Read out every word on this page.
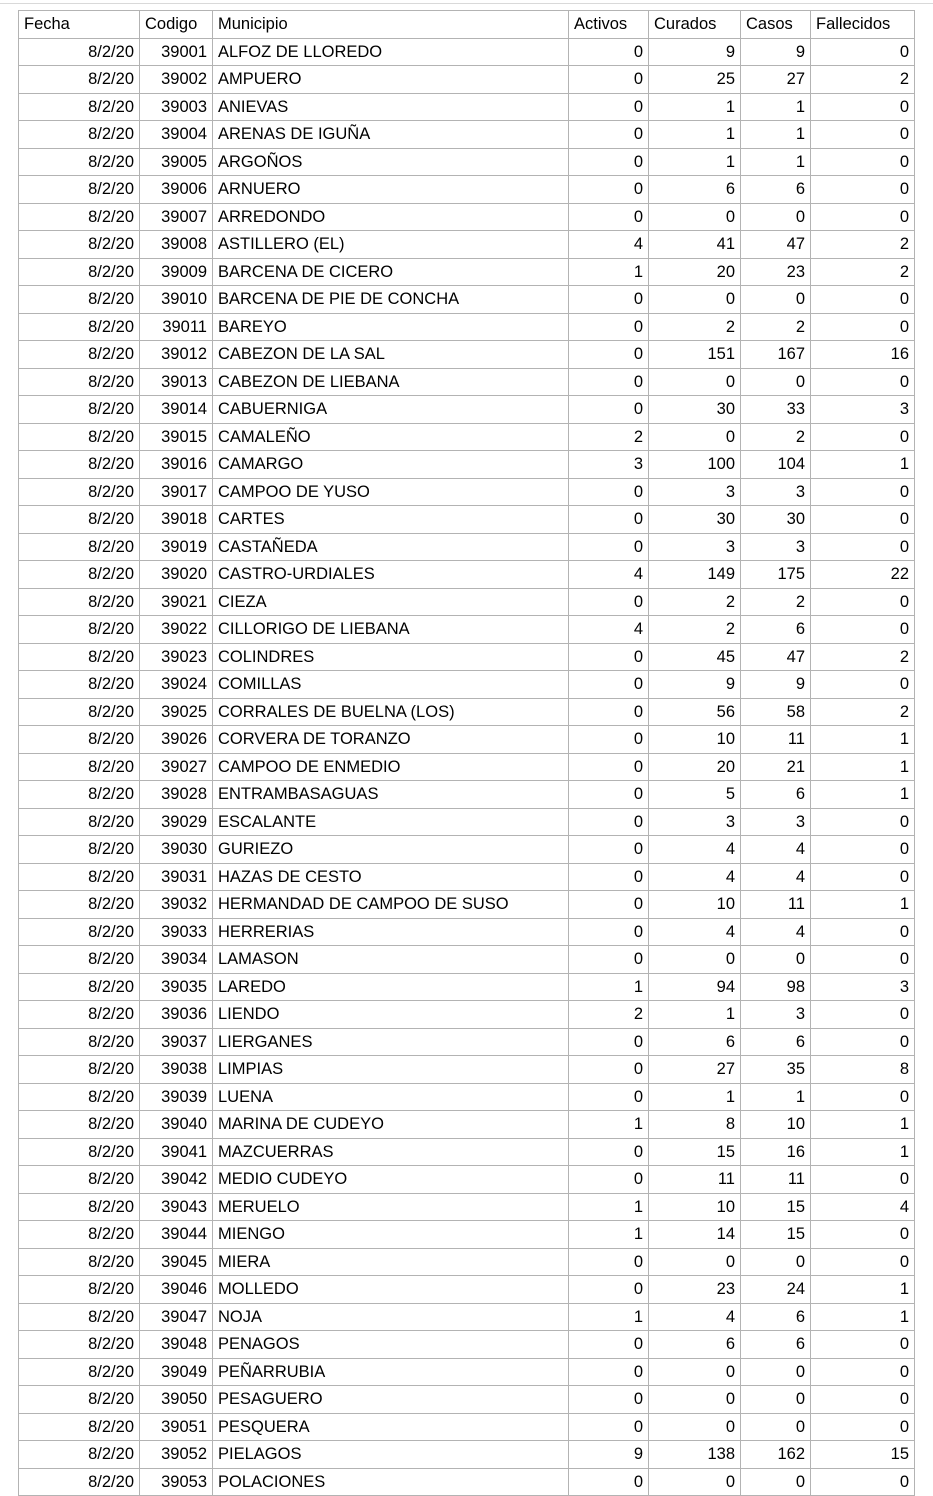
Fecha	Codigo	Municipio	Activos	Curados	Casos	Fallecidos
8/2/20	39001	ALFOZ DE LLOREDO	0	9	9	0
8/2/20	39002	AMPUERO	0	25	27	2
8/2/20	39003	ANIEVAS	0	1	1	0
8/2/20	39004	ARENAS DE IGUÑA	0	1	1	0
8/2/20	39005	ARGOÑOS	0	1	1	0
8/2/20	39006	ARNUERO	0	6	6	0
8/2/20	39007	ARREDONDO	0	0	0	0
8/2/20	39008	ASTILLERO (EL)	4	41	47	2
8/2/20	39009	BARCENA DE CICERO	1	20	23	2
8/2/20	39010	BARCENA DE PIE DE CONCHA	0	0	0	0
8/2/20	39011	BAREYO	0	2	2	0
8/2/20	39012	CABEZON DE LA SAL	0	151	167	16
8/2/20	39013	CABEZON DE LIEBANA	0	0	0	0
8/2/20	39014	CABUERNIGA	0	30	33	3
8/2/20	39015	CAMALEÑO	2	0	2	0
8/2/20	39016	CAMARGO	3	100	104	1
8/2/20	39017	CAMPOO DE YUSO	0	3	3	0
8/2/20	39018	CARTES	0	30	30	0
8/2/20	39019	CASTAÑEDA	0	3	3	0
8/2/20	39020	CASTRO-URDIALES	4	149	175	22
8/2/20	39021	CIEZA	0	2	2	0
8/2/20	39022	CILLORIGO DE LIEBANA	4	2	6	0
8/2/20	39023	COLINDRES	0	45	47	2
8/2/20	39024	COMILLAS	0	9	9	0
8/2/20	39025	CORRALES DE BUELNA (LOS)	0	56	58	2
8/2/20	39026	CORVERA DE TORANZO	0	10	11	1
8/2/20	39027	CAMPOO DE ENMEDIO	0	20	21	1
8/2/20	39028	ENTRAMBASAGUAS	0	5	6	1
8/2/20	39029	ESCALANTE	0	3	3	0
8/2/20	39030	GURIEZO	0	4	4	0
8/2/20	39031	HAZAS DE CESTO	0	4	4	0
8/2/20	39032	HERMANDAD DE CAMPOO DE SUSO	0	10	11	1
8/2/20	39033	HERRERIAS	0	4	4	0
8/2/20	39034	LAMASON	0	0	0	0
8/2/20	39035	LAREDO	1	94	98	3
8/2/20	39036	LIENDO	2	1	3	0
8/2/20	39037	LIERGANES	0	6	6	0
8/2/20	39038	LIMPIAS	0	27	35	8
8/2/20	39039	LUENA	0	1	1	0
8/2/20	39040	MARINA DE CUDEYO	1	8	10	1
8/2/20	39041	MAZCUERRAS	0	15	16	1
8/2/20	39042	MEDIO CUDEYO	0	11	11	0
8/2/20	39043	MERUELO	1	10	15	4
8/2/20	39044	MIENGO	1	14	15	0
8/2/20	39045	MIERA	0	0	0	0
8/2/20	39046	MOLLEDO	0	23	24	1
8/2/20	39047	NOJA	1	4	6	1
8/2/20	39048	PENAGOS	0	6	6	0
8/2/20	39049	PEÑARRUBIA	0	0	0	0
8/2/20	39050	PESAGUERO	0	0	0	0
8/2/20	39051	PESQUERA	0	0	0	0
8/2/20	39052	PIELAGOS	9	138	162	15
8/2/20	39053	POLACIONES	0	0	0	0
